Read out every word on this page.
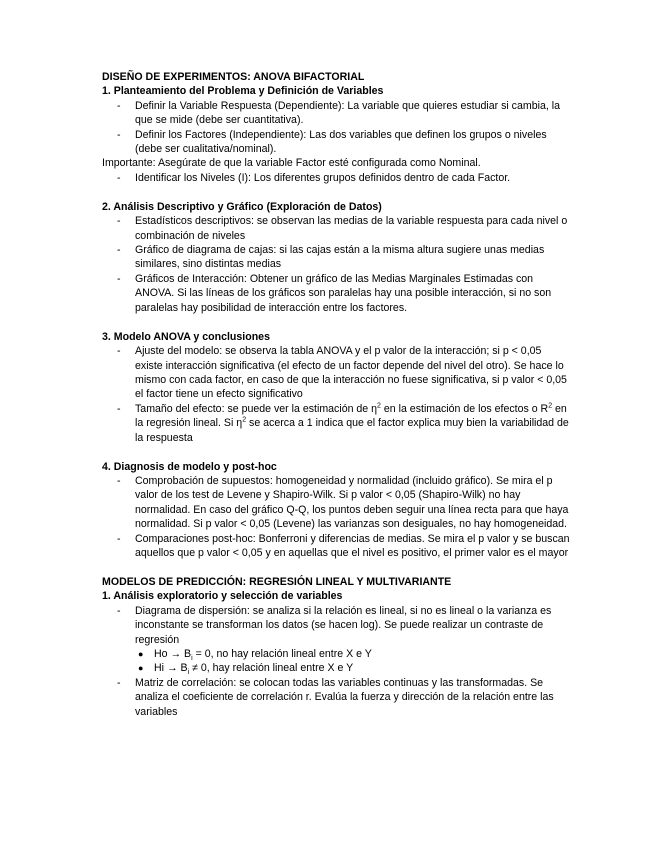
DISEÑO DE EXPERIMENTOS: ANOVA BIFACTORIAL

1. Planteamiento del Problema y Definición de Variables

- Definir la Variable Respuesta (Dependiente): La variable que quieres estudiar si cambia, la que se mide (debe ser cuantitativa).
- Definir los Factores (Independiente): Las dos variables que definen los grupos o niveles (debe ser cualitativa/nominal).

Importante: Asegúrate de que la variable Factor esté configurada como Nominal.

- Identificar los Niveles (I): Los diferentes grupos definidos dentro de cada Factor.

2. Análisis Descriptivo y Gráfico (Exploración de Datos)

- Estadísticos descriptivos: se observan las medias de la variable respuesta para cada nivel o combinación de niveles
- Gráfico de diagrama de cajas: si las cajas están a la misma altura sugiere unas medias similares, sino distintas medias
- Gráficos de Interacción: Obtener un gráfico de las Medias Marginales Estimadas con ANOVA. Si las líneas de los gráficos son paralelas hay una posible interacción, si no son paralelas hay posibilidad de interacción entre los factores.

3. Modelo ANOVA y conclusiones

- Ajuste del modelo: se observa la tabla ANOVA y el p valor de la interacción; si p < 0,05 existe interacción significativa (el efecto de un factor depende del nivel del otro). Se hace lo mismo con cada factor, en caso de que la interacción no fuese significativa, si p valor < 0,05 el factor tiene un efecto significativo
- Tamaño del efecto: se puede ver la estimación de $\eta^2$ en la estimación de los efectos o $R^2$ en la regresión lineal. Si $\eta^2$ se acerca a 1 indica que el factor explica muy bien la variabilidad de la respuesta

4. Diagnosis de modelo y post-hoc

- Comprobación de supuestos: homogeneidad y normalidad (incluido gráfico). Se mira el p valor de los test de Levene y Shapiro-Wilk. Si p valor < 0,05 (Shapiro-Wilk) no hay normalidad. En caso del gráfico Q-Q, los puntos deben seguir una línea recta para que haya normalidad. Si p valor < 0,05 (Levene) las varianzas son desiguales, no hay homogeneidad.
- Comparaciones post-hoc: Bonferroni y diferencias de medias. Se mira el p valor y se buscan aquellos que p valor < 0,05 y en aquellas que el nivel es positivo, el primer valor es el mayor

MODELOS DE PREDICCIÓN: REGRESIÓN LINEAL Y MULTIVARIANTE

1. Análisis exploratorio y selección de variables

- Diagrama de dispersión: se analiza si la relación es lineal, si no es lineal o la varianza es inconstante se transforman los datos (se hacen log). Se puede realizar un contraste de regresión
● $Ho \to B_i = 0$, no hay relación lineal entre X e Y
● $Hi \to B_i \ne 0$, hay relación lineal entre X e Y
- Matriz de correlación: se colocan todas las variables continuas y las transformadas. Se analiza el coeficiente de correlación r. Evalúa la fuerza y dirección de la relación entre las variables
